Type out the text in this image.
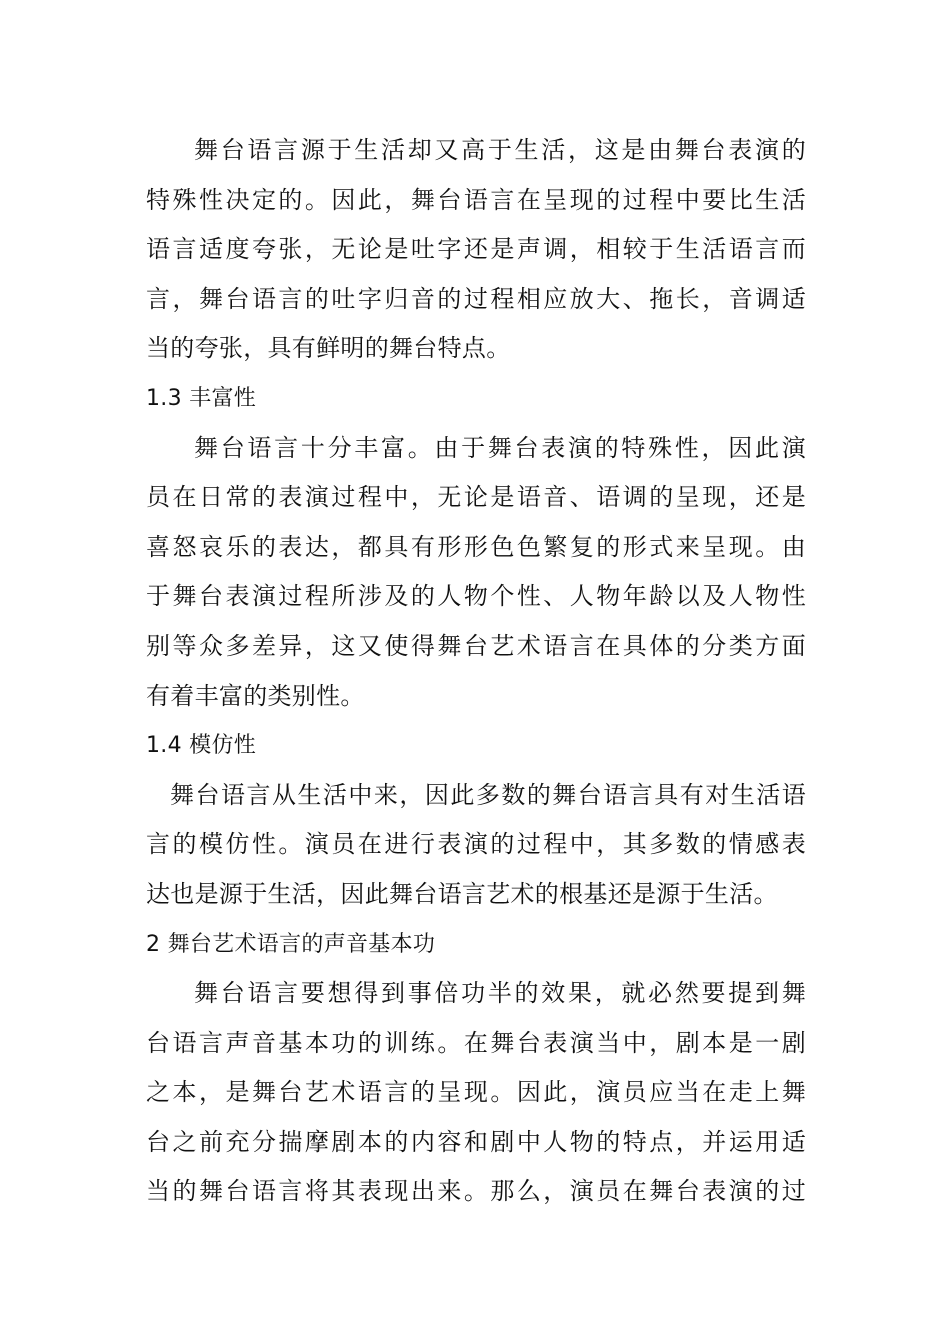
舞台语言源于生活却又高于生活，这是由舞台表演的
特殊性决定的。因此，舞台语言在呈现的过程中要比生活
语言适度夸张，无论是吐字还是声调，相较于生活语言而
言，舞台语言的吐字归音的过程相应放大、拖长，音调适
当的夸张，具有鲜明的舞台特点。
1.3 丰富性
舞台语言十分丰富。由于舞台表演的特殊性，因此演
员在日常的表演过程中，无论是语音、语调的呈现，还是
喜怒哀乐的表达，都具有形形色色繁复的形式来呈现。由
于舞台表演过程所涉及的人物个性、人物年龄以及人物性
别等众多差异，这又使得舞台艺术语言在具体的分类方面
有着丰富的类别性。
1.4 模仿性
舞台语言从生活中来，因此多数的舞台语言具有对生活语
言的模仿性。演员在进行表演的过程中，其多数的情感表
达也是源于生活，因此舞台语言艺术的根基还是源于生活。
2 舞台艺术语言的声音基本功
舞台语言要想得到事倍功半的效果，就必然要提到舞
台语言声音基本功的训练。在舞台表演当中，剧本是一剧
之本，是舞台艺术语言的呈现。因此，演员应当在走上舞
台之前充分揣摩剧本的内容和剧中人物的特点，并运用适
当的舞台语言将其表现出来。那么，演员在舞台表演的过
